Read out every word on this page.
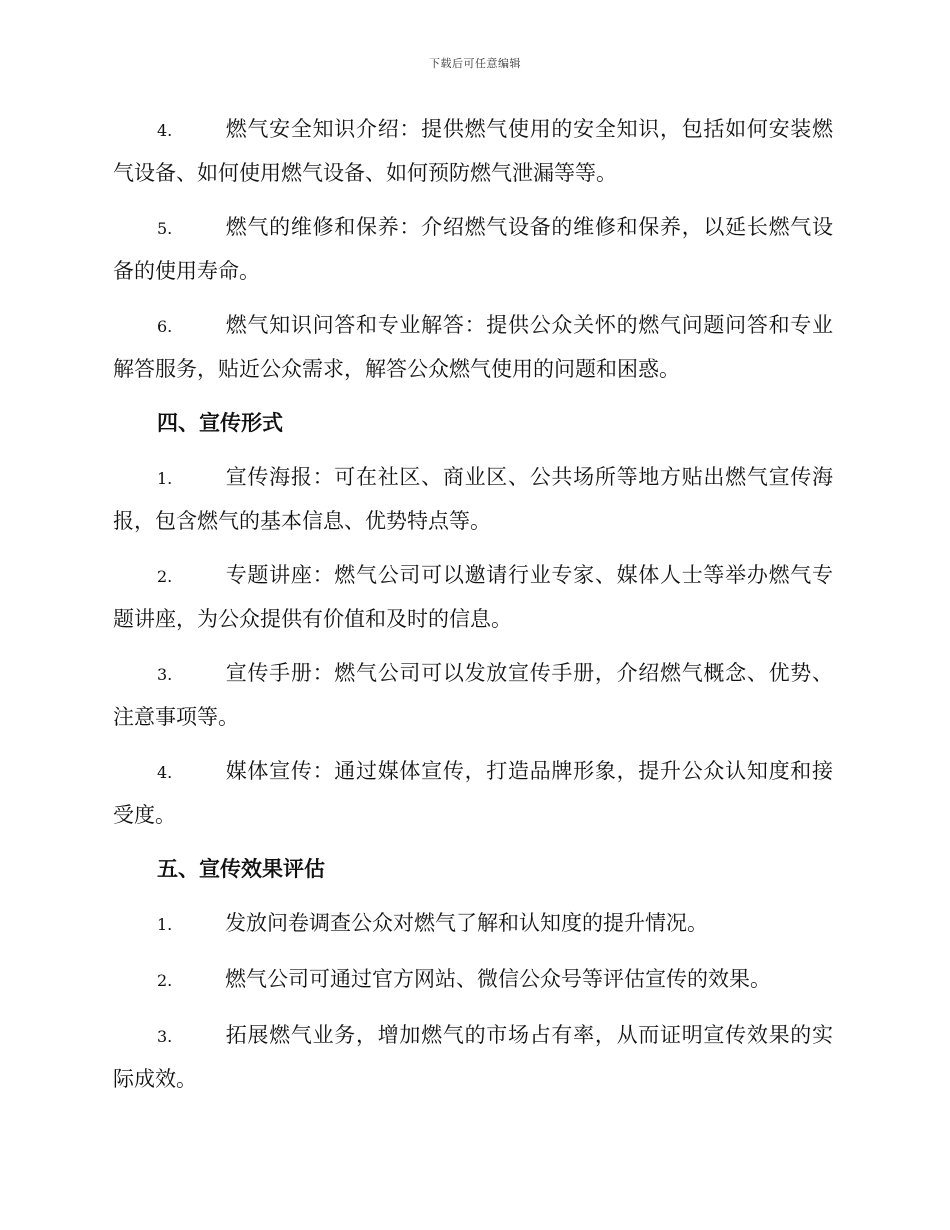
下载后可任意编辑

4.	燃气安全知识介绍：提供燃气使用的安全知识，包括如何安装燃气设备、如何使用燃气设备、如何预防燃气泄漏等等。

5.	燃气的维修和保养：介绍燃气设备的维修和保养，以延长燃气设备的使用寿命。

6.	燃气知识问答和专业解答：提供公众关怀的燃气问题问答和专业解答服务，贴近公众需求，解答公众燃气使用的问题和困惑。

四、宣传形式

1.	宣传海报：可在社区、商业区、公共场所等地方贴出燃气宣传海报，包含燃气的基本信息、优势特点等。

2.	专题讲座：燃气公司可以邀请行业专家、媒体人士等举办燃气专题讲座，为公众提供有价值和及时的信息。

3.	宣传手册：燃气公司可以发放宣传手册，介绍燃气概念、优势、注意事项等。

4.	媒体宣传：通过媒体宣传，打造品牌形象，提升公众认知度和接受度。

五、宣传效果评估

1.	发放问卷调查公众对燃气了解和认知度的提升情况。

2.	燃气公司可通过官方网站、微信公众号等评估宣传的效果。

3.	拓展燃气业务，增加燃气的市场占有率，从而证明宣传效果的实际成效。
